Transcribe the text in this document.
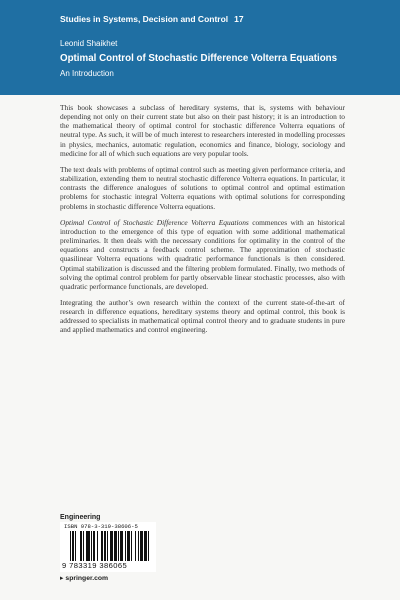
Studies in Systems, Decision and Control 17
Leonid Shaikhet
Optimal Control of Stochastic Difference Volterra Equations
An Introduction

This book showcases a subclass of hereditary systems, that is, systems with behaviour depending not only on their current state but also on their past history; it is an introduction to the mathematical theory of optimal control for stochastic difference Volterra equations of neutral type. As such, it will be of much interest to researchers interested in modelling processes in physics, mechanics, automatic regulation, economics and finance, biology, sociology and medicine for all of which such equations are very popular tools.

The text deals with problems of optimal control such as meeting given performance criteria, and stabilization, extending them to neutral stochastic difference Volterra equations. In particular, it contrasts the difference analogues of solutions to optimal control and optimal estimation problems for stochastic integral Volterra equations with optimal solutions for corresponding problems in stochastic difference Volterra equations.

Optimal Control of Stochastic Difference Volterra Equations commences with an historical introduction to the emergence of this type of equation with some additional mathematical preliminaries. It then deals with the necessary conditions for optimality in the control of the equations and constructs a feedback control scheme. The approximation of stochastic quasilinear Volterra equations with quadratic performance functionals is then considered. Optimal stabilization is discussed and the filtering problem formulated. Finally, two methods of solving the optimal control problem for partly observable linear stochastic processes, also with quadratic performance functionals, are developed.

Integrating the author’s own research within the context of the current state-of-the-art of research in difference equations, hereditary systems theory and optimal control, this book is addressed to specialists in mathematical optimal control theory and to graduate students in pure and applied mathematics and control engineering.

Engineering
ISBN 978-3-319-38606-5
9 783319 386065
▸ springer.com
